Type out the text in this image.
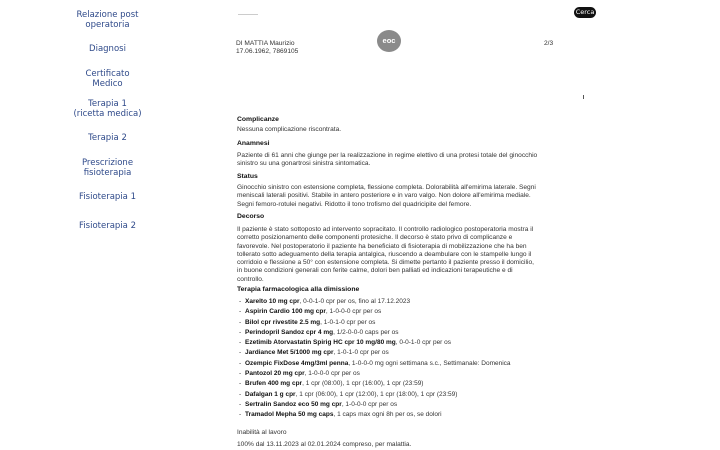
Relazione post
operatoria
Diagnosi
Certificato
Medico
Terapia 1
(ricetta medica)
Terapia 2
Prescrizione
fisioterapia
Fisioterapia 1
Fisioterapia 2
Cerca
DI MATTIA Maurizio
17.06.1962, 7869105
eoc	2/3
Complicanze
Nessuna complicazione riscontrata.
Anamnesi
Paziente di 61 anni che giunge per la realizzazione in regime elettivo di una protesi totale del ginocchio
sinistro su una gonartrosi sinistra sintomatica.
Status
Ginocchio sinistro con estensione completa, flessione completa. Dolorabilità all'emirima laterale. Segni
meniscali laterali positivi. Stabile in antero posteriore e in varo valgo. Non dolore all'emirima mediale.
Segni femoro-rotulei negativi. Ridotto il tono trofismo del quadricipite del femore.
Decorso
Il paziente è stato sottoposto ad intervento sopracitato. Il controllo radiologico postoperatoria mostra il
corretto posizionamento delle componenti protesiche. Il decorso è stato privo di complicanze e
favorevole. Nel postoperatorio il paziente ha beneficiato di fisioterapia di mobilizzazione che ha ben
tollerato sotto adeguamento della terapia antalgica, riuscendo a deambulare con le stampelle lungo il
corridoio e flessione a 50° con estensione completa. Si dimette pertanto il paziente presso il domicilio,
in buone condizioni generali con ferite calme, dolori ben palliati ed indicazioni terapeutiche e di
controllo.
Terapia farmacologica alla dimissione
- Xarelto 10 mg cpr, 0-0-1-0 cpr per os, fino al 17.12.2023
- Aspirin Cardio 100 mg cpr, 1-0-0-0 cpr per os
- Bilol cpr rivestite 2.5 mg, 1-0-1-0 cpr per os
- Perindopril Sandoz cpr 4 mg, 1/2-0-0-0 caps per os
- Ezetimib Atorvastatin Spirig HC cpr 10 mg/80 mg, 0-0-1-0 cpr per os
- Jardiance Met 5/1000 mg cpr, 1-0-1-0 cpr per os
- Ozempic FixDose 4mg/3ml penna, 1-0-0-0 mg ogni settimana s.c., Settimanale: Domenica
- Pantozol 20 mg cpr, 1-0-0-0 cpr per os
- Brufen 400 mg cpr, 1 cpr (08:00), 1 cpr (16:00), 1 cpr (23:59)
- Dafalgan 1 g cpr, 1 cpr (06:00), 1 cpr (12:00), 1 cpr (18:00), 1 cpr (23:59)
- Sertralin Sandoz eco 50 mg cpr, 1-0-0-0 cpr per os
- Tramadol Mepha 50 mg caps, 1 caps max ogni 8h per os, se dolori
Inabilità al lavoro
100% dal 13.11.2023 al 02.01.2024 compreso, per malattia.
